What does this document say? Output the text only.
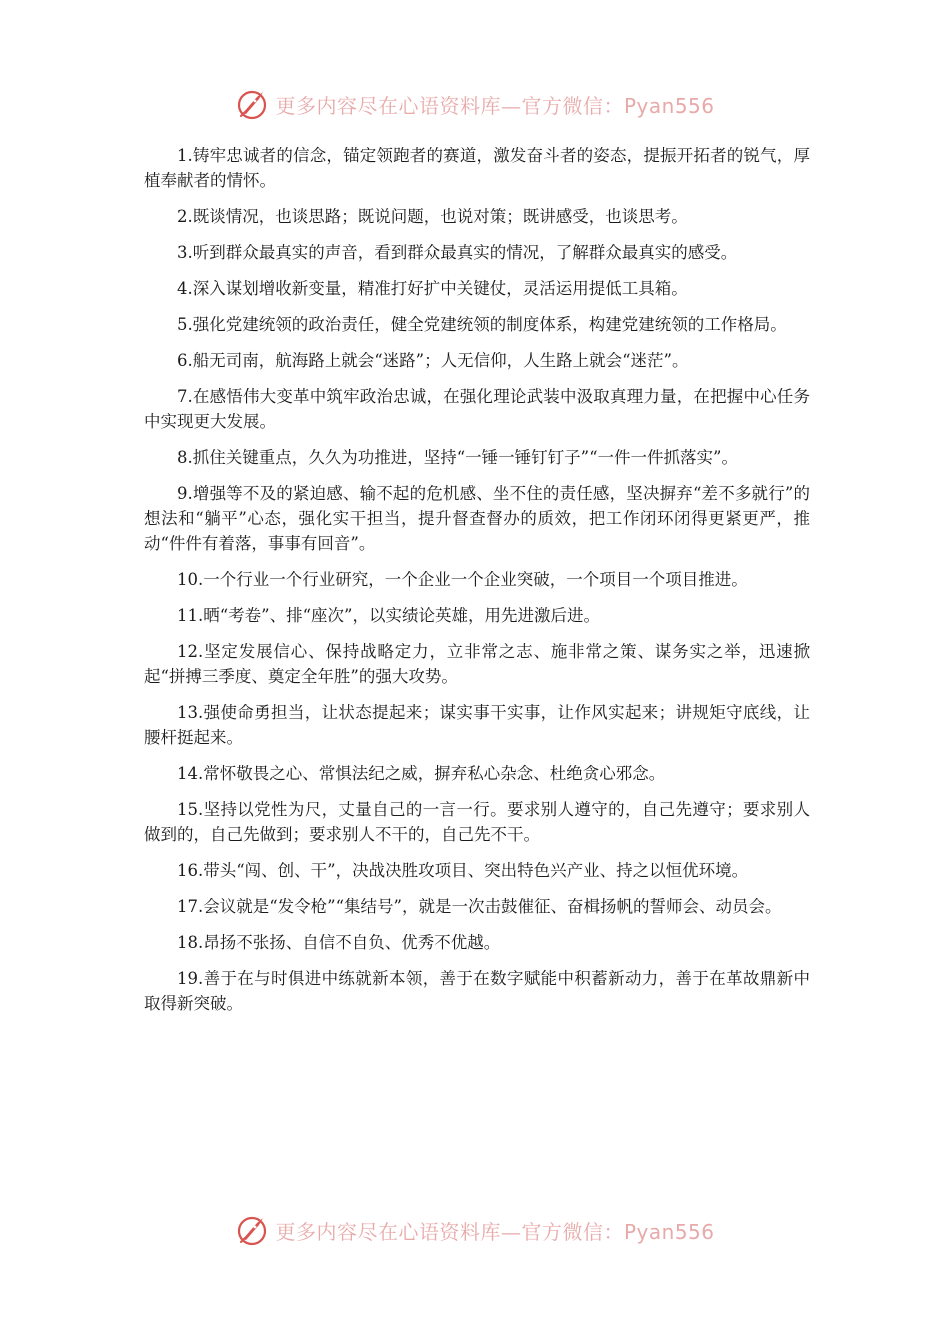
更多内容尽在心语资料库—官方微信：Pyan556

1.铸牢忠诚者的信念，锚定领跑者的赛道，激发奋斗者的姿态，提振开拓者的锐气，厚植奉献者的情怀。

2.既谈情况，也谈思路；既说问题，也说对策；既讲感受，也谈思考。

3.听到群众最真实的声音，看到群众最真实的情况，了解群众最真实的感受。

4.深入谋划增收新变量，精准打好扩中关键仗，灵活运用提低工具箱。

5.强化党建统领的政治责任，健全党建统领的制度体系，构建党建统领的工作格局。

6.船无司南，航海路上就会“迷路”；人无信仰，人生路上就会“迷茫”。

7.在感悟伟大变革中筑牢政治忠诚，在强化理论武装中汲取真理力量，在把握中心任务中实现更大发展。

8.抓住关键重点，久久为功推进，坚持“一锤一锤钉钉子”“一件一件抓落实”。

9.增强等不及的紧迫感、输不起的危机感、坐不住的责任感，坚决摒弃“差不多就行”的想法和“躺平”心态，强化实干担当，提升督查督办的质效，把工作闭环闭得更紧更严，推动“件件有着落，事事有回音”。

10.一个行业一个行业研究，一个企业一个企业突破，一个项目一个项目推进。

11.晒“考卷”、排“座次”，以实绩论英雄，用先进激后进。

12.坚定发展信心、保持战略定力，立非常之志、施非常之策、谋务实之举，迅速掀起“拼搏三季度、奠定全年胜”的强大攻势。

13.强使命勇担当，让状态提起来；谋实事干实事，让作风实起来；讲规矩守底线，让腰杆挺起来。

14.常怀敬畏之心、常惧法纪之威，摒弃私心杂念、杜绝贪心邪念。

15.坚持以党性为尺，丈量自己的一言一行。要求别人遵守的，自己先遵守；要求别人做到的，自己先做到；要求别人不干的，自己先不干。

16.带头“闯、创、干”，决战决胜攻项目、突出特色兴产业、持之以恒优环境。

17.会议就是“发令枪”“集结号”，就是一次击鼓催征、奋楫扬帆的誓师会、动员会。

18.昂扬不张扬、自信不自负、优秀不优越。

19.善于在与时俱进中练就新本领，善于在数字赋能中积蓄新动力，善于在革故鼎新中取得新突破。

更多内容尽在心语资料库—官方微信：Pyan556
